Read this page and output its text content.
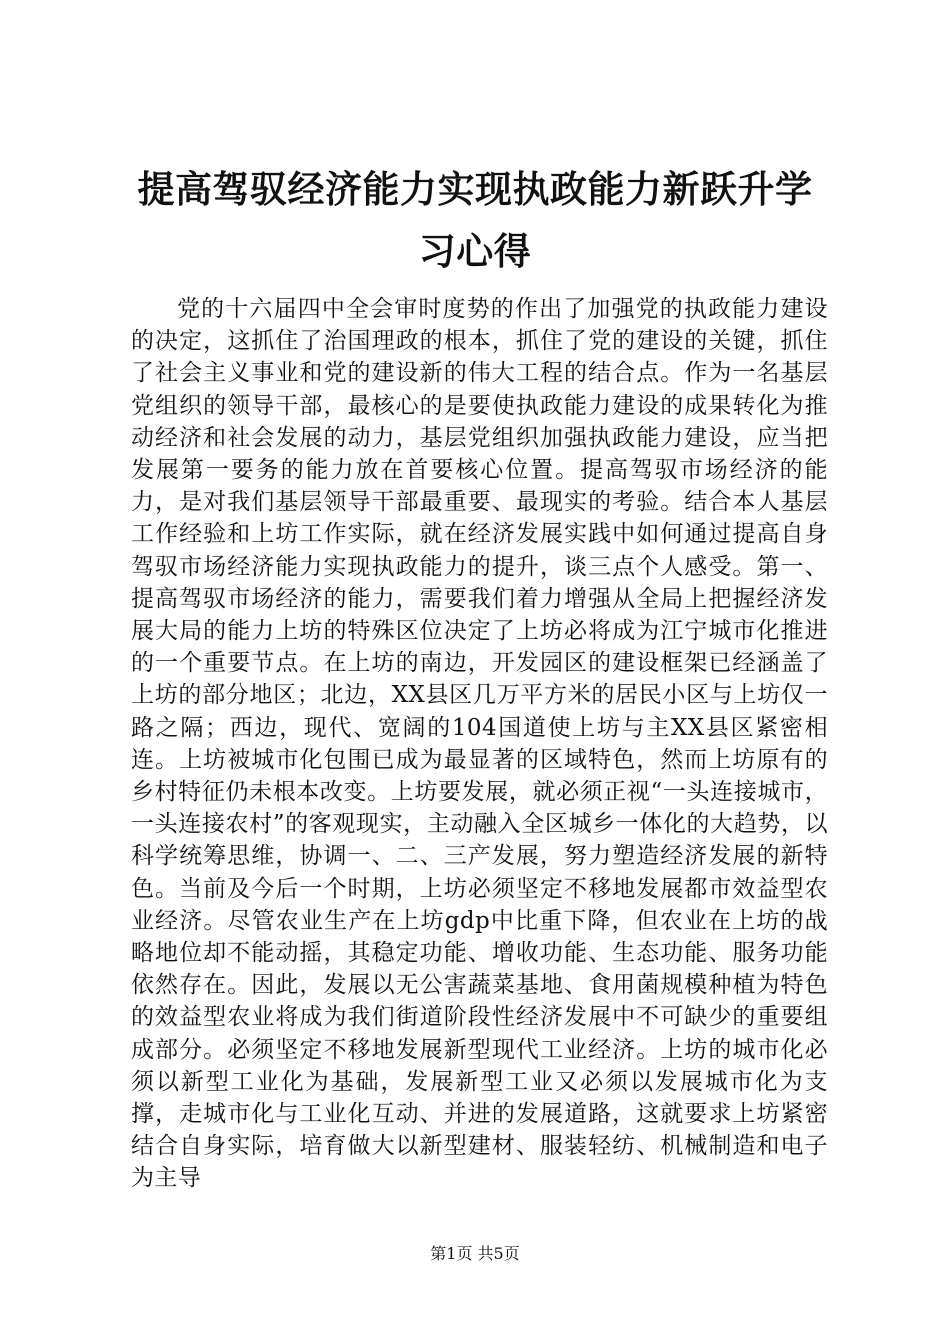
提高驾驭经济能力实现执政能力新跃升学习心得

党的十六届四中全会审时度势的作出了加强党的执政能力建设的决定，这抓住了治国理政的根本，抓住了党的建设的关键，抓住了社会主义事业和党的建设新的伟大工程的结合点。作为一名基层党组织的领导干部，最核心的是要使执政能力建设的成果转化为推动经济和社会发展的动力，基层党组织加强执政能力建设，应当把发展第一要务的能力放在首要核心位置。提高驾驭市场经济的能力，是对我们基层领导干部最重要、最现实的考验。结合本人基层工作经验和上坊工作实际，就在经济发展实践中如何通过提高自身驾驭市场经济能力实现执政能力的提升，谈三点个人感受。第一、提高驾驭市场经济的能力，需要我们着力增强从全局上把握经济发展大局的能力上坊的特殊区位决定了上坊必将成为江宁城市化推进的一个重要节点。在上坊的南边，开发园区的建设框架已经涵盖了上坊的部分地区；北边，XX县区几万平方米的居民小区与上坊仅一路之隔；西边，现代、宽阔的104国道使上坊与主XX县区紧密相连。上坊被城市化包围已成为最显著的区域特色，然而上坊原有的乡村特征仍未根本改变。上坊要发展，就必须正视“一头连接城市，一头连接农村”的客观现实，主动融入全区城乡一体化的大趋势，以科学统筹思维，协调一、二、三产发展，努力塑造经济发展的新特色。当前及今后一个时期，上坊必须坚定不移地发展都市效益型农业经济。尽管农业生产在上坊gdp中比重下降，但农业在上坊的战略地位却不能动摇，其稳定功能、增收功能、生态功能、服务功能依然存在。因此，发展以无公害蔬菜基地、食用菌规模种植为特色的效益型农业将成为我们街道阶段性经济发展中不可缺少的重要组成部分。必须坚定不移地发展新型现代工业经济。上坊的城市化必须以新型工业化为基础，发展新型工业又必须以发展城市化为支撑，走城市化与工业化互动、并进的发展道路，这就要求上坊紧密结合自身实际，培育做大以新型建材、服装轻纺、机械制造和电子为主导

第1页 共5页
